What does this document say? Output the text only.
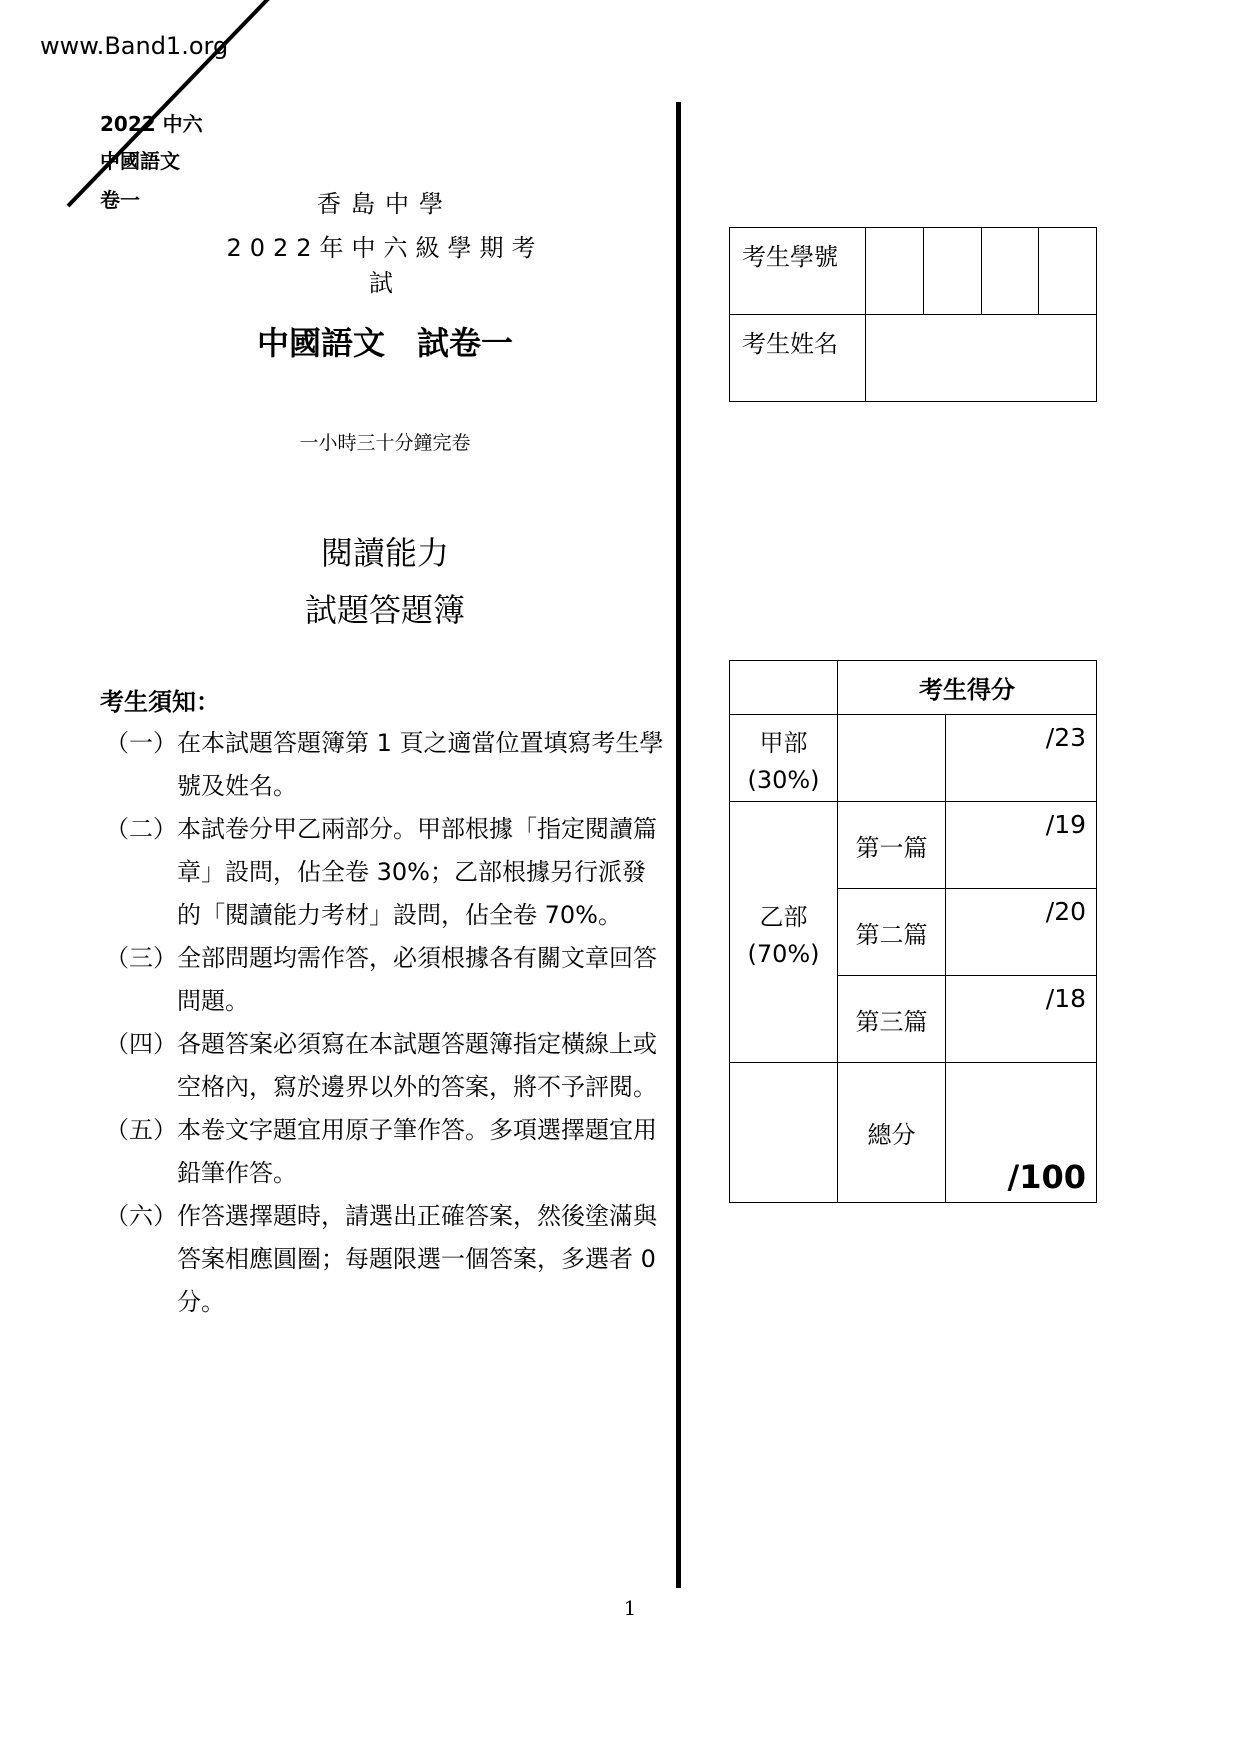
www.Band1.org
2022 中六
中國語文
卷一	香島中學
2022年中六級學期考試
中國語文　試卷一
一小時三十分鐘完卷
閱讀能力
試題答題簿
考生須知：
（一） 在本試題答題簿第 1 頁之適當位置填寫考生學號及姓名。
（二） 本試卷分甲乙兩部分。甲部根據「指定閱讀篇章」設問，佔全卷 30%；乙部根據另行派發的「閱讀能力考材」設問，佔全卷 70%。
（三） 全部問題均需作答，必須根據各有關文章回答問題。
（四） 各題答案必須寫在本試題答題簿指定橫線上或空格內，寫於邊界以外的答案，將不予評閱。
（五） 本卷文字題宜用原子筆作答。多項選擇題宜用鉛筆作答。
（六） 作答選擇題時，請選出正確答案，然後塗滿與答案相應圓圈；每題限選一個答案，多選者 0 分。
考生學號				
考生姓名				
	考生得分	

甲部
(30%)		/23

乙部
(70%)	第一篇	/19
	第二篇	/20
	第三篇	/18
	總分	/100
1
